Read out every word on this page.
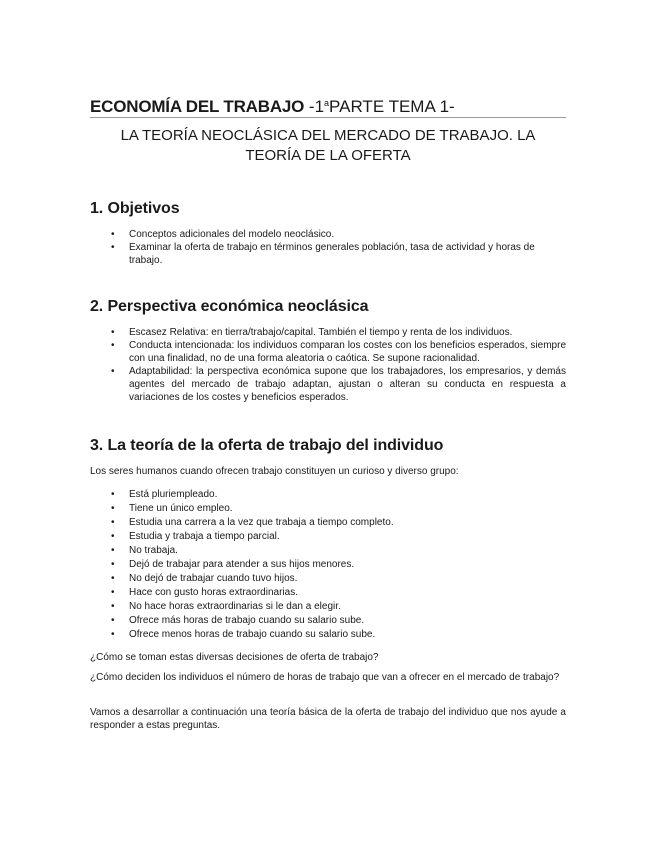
ECONOMÍA DEL TRABAJO -1$^a$PARTE TEMA 1-
LA TEORÍA NEOCLÁSICA DEL MERCADO DE TRABAJO. LA
TEORÍA DE LA OFERTA
1. Objetivos
• Conceptos adicionales del modelo neoclásico.
• Examinar la oferta de trabajo en términos generales población, tasa de actividad y horas de trabajo.
2. Perspectiva económica neoclásica
• Escasez Relativa: en tierra/trabajo/capital. También el tiempo y renta de los individuos.
• Conducta intencionada: los individuos comparan los costes con los beneficios esperados, siempre con una finalidad, no de una forma aleatoria o caótica. Se supone racionalidad.
• Adaptabilidad: la perspectiva económica supone que los trabajadores, los empresarios, y demás agentes del mercado de trabajo adaptan, ajustan o alteran su conducta en respuesta a variaciones de los costes y beneficios esperados.
3. La teoría de la oferta de trabajo del individuo

Los seres humanos cuando ofrecen trabajo constituyen un curioso y diverso grupo:

• Está pluriempleado.
• Tiene un único empleo.
• Estudia una carrera a la vez que trabaja a tiempo completo.
• Estudia y trabaja a tiempo parcial.
• No trabaja.
• Dejó de trabajar para atender a sus hijos menores.
• No dejó de trabajar cuando tuvo hijos.
• Hace con gusto horas extraordinarias.
• No hace horas extraordinarias si le dan a elegir.
• Ofrece más horas de trabajo cuando su salario sube.
• Ofrece menos horas de trabajo cuando su salario sube.

¿Cómo se toman estas diversas decisiones de oferta de trabajo?

¿Cómo deciden los individuos el número de horas de trabajo que van a ofrecer en el mercado de trabajo?

Vamos a desarrollar a continuación una teoría básica de la oferta de trabajo del individuo que nos ayude a responder a estas preguntas.
